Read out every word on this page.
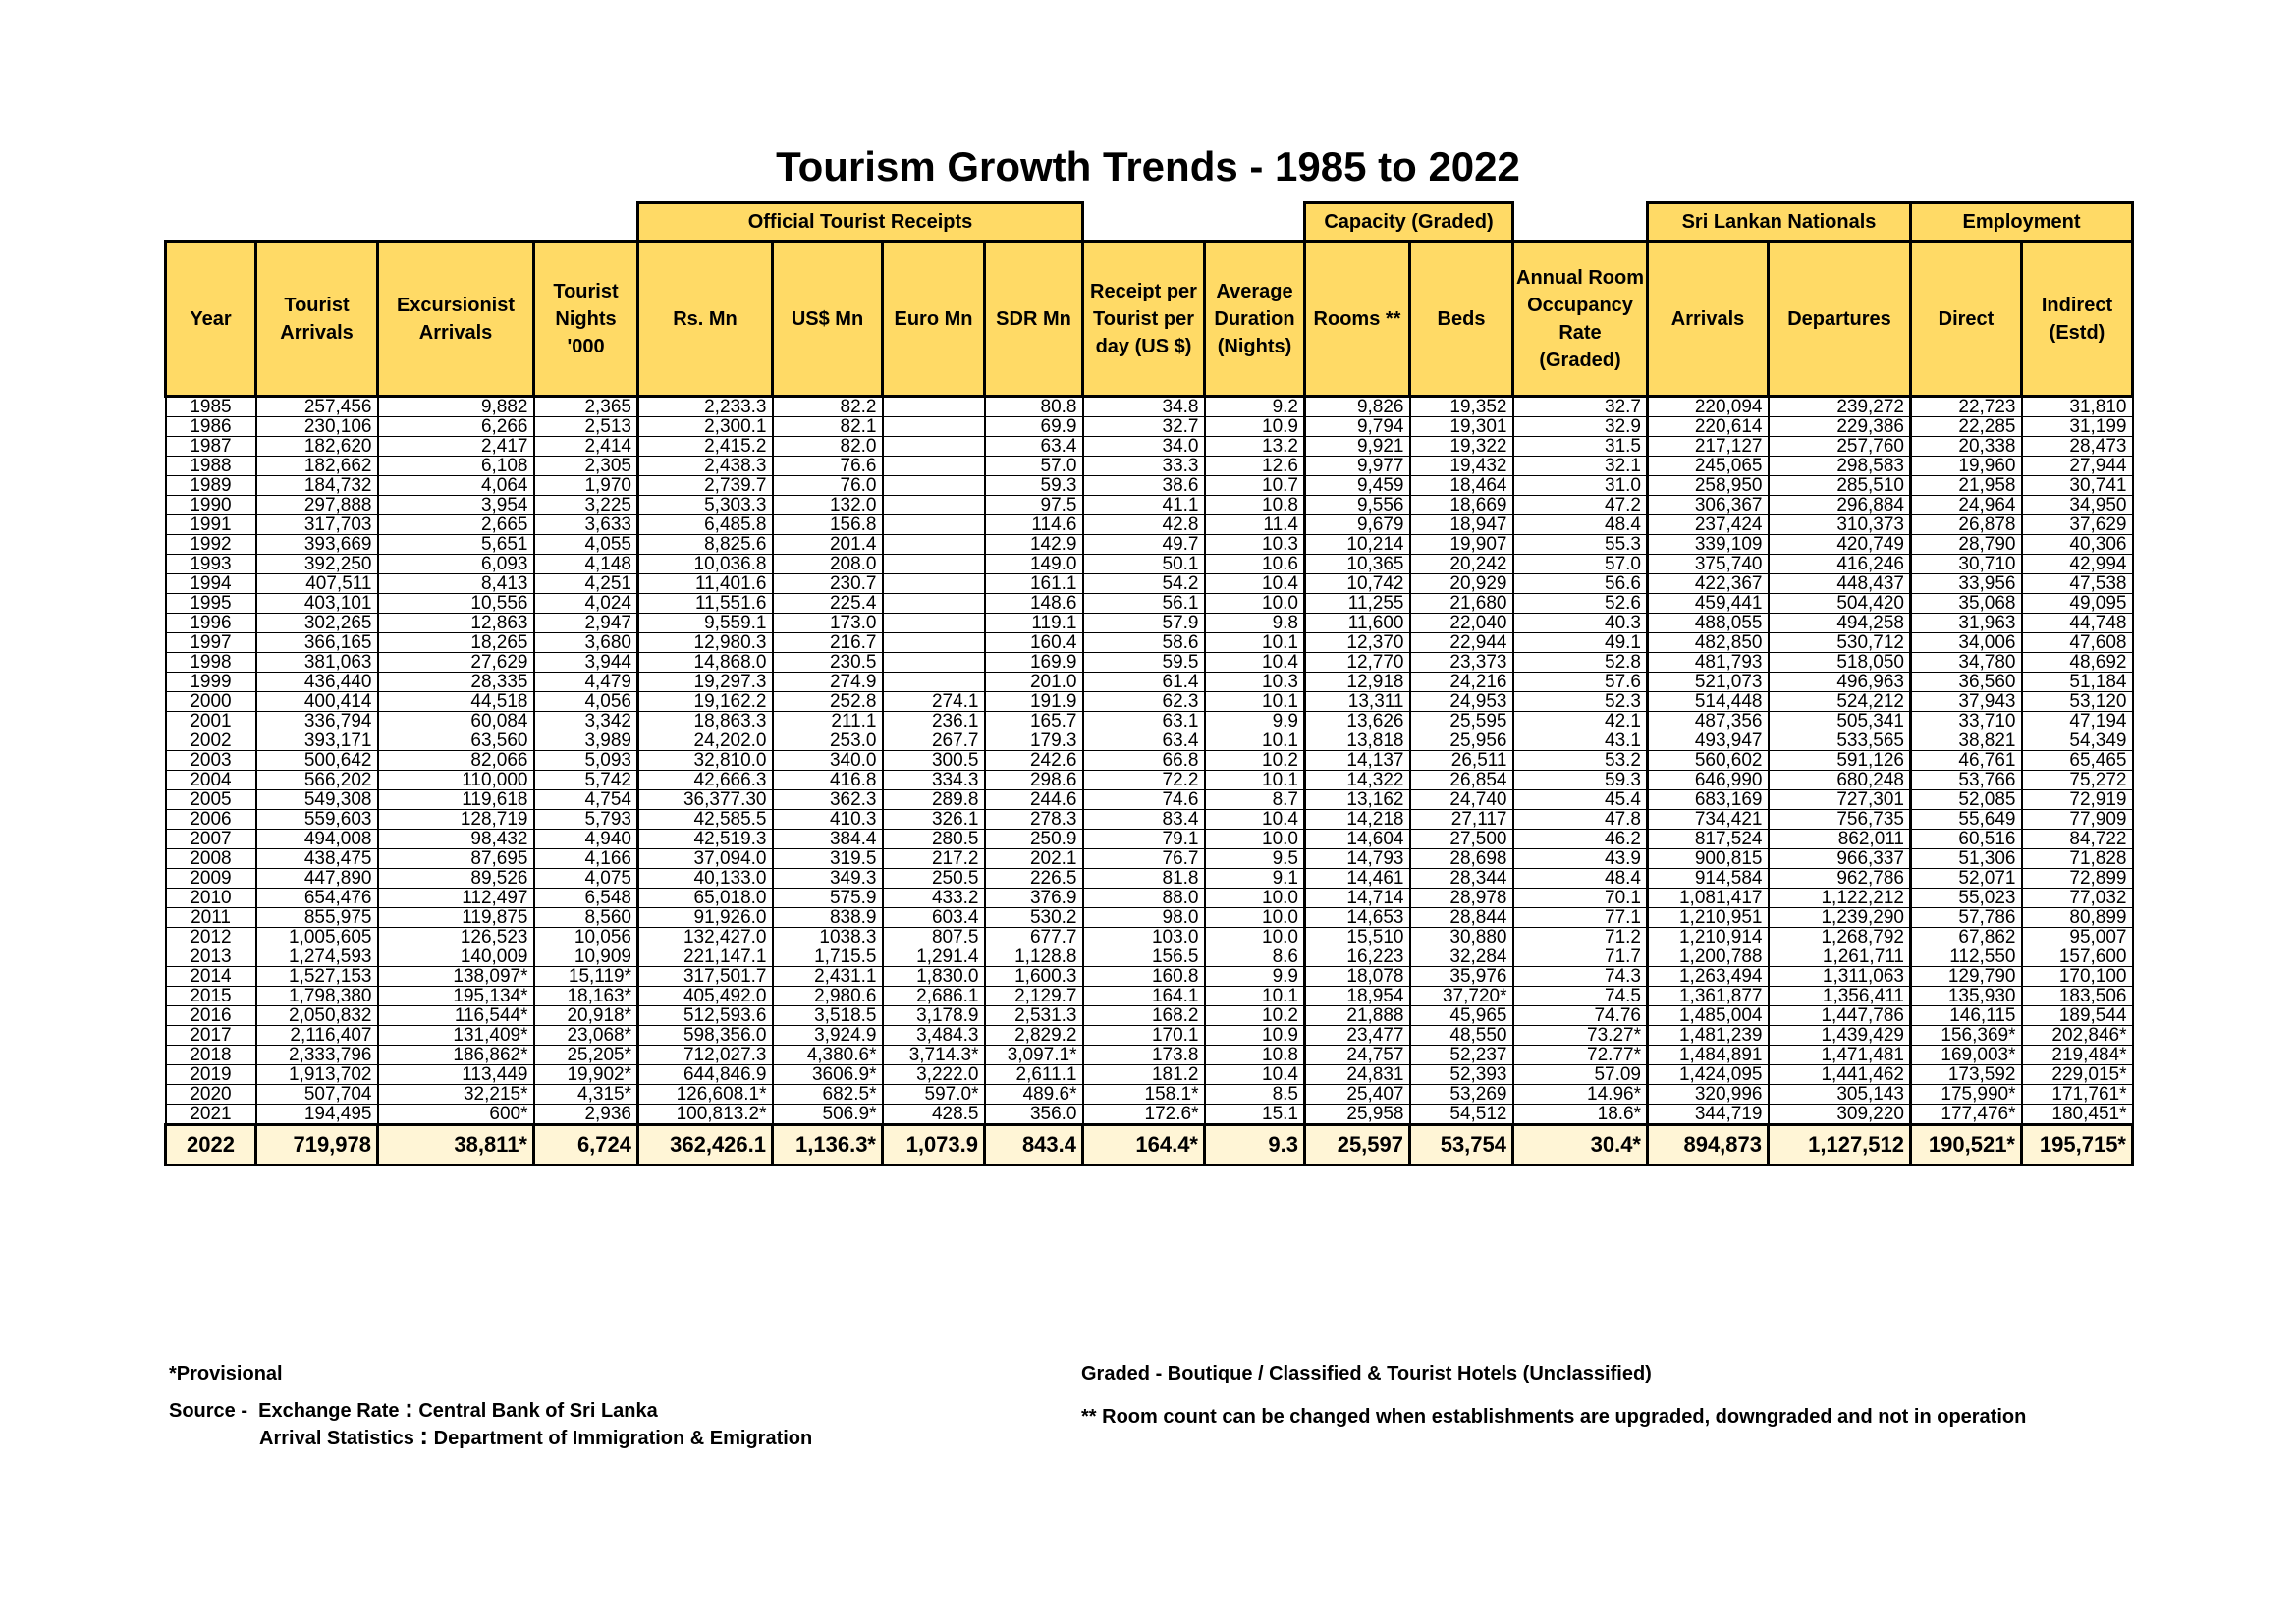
Tourism Growth Trends - 1985 to 2022
				Official Tourist Receipts						Capacity (Graded)			Sri Lankan Nationals		Employment	
Year	Tourist Arrivals	Excursionist Arrivals	Tourist Nights '000	Rs. Mn	US$ Mn	Euro Mn	SDR Mn	Receipt per Tourist per day (US $)	Average Duration (Nights)	Rooms **	Beds	Annual Room Occupancy Rate (Graded)	Arrivals	Departures	Direct	Indirect (Estd)
1985	257,456	9,882	2,365	2,233.3	82.2		80.8	34.8	9.2	9,826	19,352	32.7	220,094	239,272	22,723	31,810
1986	230,106	6,266	2,513	2,300.1	82.1		69.9	32.7	10.9	9,794	19,301	32.9	220,614	229,386	22,285	31,199
1987	182,620	2,417	2,414	2,415.2	82.0		63.4	34.0	13.2	9,921	19,322	31.5	217,127	257,760	20,338	28,473
1988	182,662	6,108	2,305	2,438.3	76.6		57.0	33.3	12.6	9,977	19,432	32.1	245,065	298,583	19,960	27,944
1989	184,732	4,064	1,970	2,739.7	76.0		59.3	38.6	10.7	9,459	18,464	31.0	258,950	285,510	21,958	30,741
1990	297,888	3,954	3,225	5,303.3	132.0		97.5	41.1	10.8	9,556	18,669	47.2	306,367	296,884	24,964	34,950
1991	317,703	2,665	3,633	6,485.8	156.8		114.6	42.8	11.4	9,679	18,947	48.4	237,424	310,373	26,878	37,629
1992	393,669	5,651	4,055	8,825.6	201.4		142.9	49.7	10.3	10,214	19,907	55.3	339,109	420,749	28,790	40,306
1993	392,250	6,093	4,148	10,036.8	208.0		149.0	50.1	10.6	10,365	20,242	57.0	375,740	416,246	30,710	42,994
1994	407,511	8,413	4,251	11,401.6	230.7		161.1	54.2	10.4	10,742	20,929	56.6	422,367	448,437	33,956	47,538
1995	403,101	10,556	4,024	11,551.6	225.4		148.6	56.1	10.0	11,255	21,680	52.6	459,441	504,420	35,068	49,095
1996	302,265	12,863	2,947	9,559.1	173.0		119.1	57.9	9.8	11,600	22,040	40.3	488,055	494,258	31,963	44,748
1997	366,165	18,265	3,680	12,980.3	216.7		160.4	58.6	10.1	12,370	22,944	49.1	482,850	530,712	34,006	47,608
1998	381,063	27,629	3,944	14,868.0	230.5		169.9	59.5	10.4	12,770	23,373	52.8	481,793	518,050	34,780	48,692
1999	436,440	28,335	4,479	19,297.3	274.9		201.0	61.4	10.3	12,918	24,216	57.6	521,073	496,963	36,560	51,184
2000	400,414	44,518	4,056	19,162.2	252.8	274.1	191.9	62.3	10.1	13,311	24,953	52.3	514,448	524,212	37,943	53,120
2001	336,794	60,084	3,342	18,863.3	211.1	236.1	165.7	63.1	9.9	13,626	25,595	42.1	487,356	505,341	33,710	47,194
2002	393,171	63,560	3,989	24,202.0	253.0	267.7	179.3	63.4	10.1	13,818	25,956	43.1	493,947	533,565	38,821	54,349
2003	500,642	82,066	5,093	32,810.0	340.0	300.5	242.6	66.8	10.2	14,137	26,511	53.2	560,602	591,126	46,761	65,465
2004	566,202	110,000	5,742	42,666.3	416.8	334.3	298.6	72.2	10.1	14,322	26,854	59.3	646,990	680,248	53,766	75,272
2005	549,308	119,618	4,754	36,377.30	362.3	289.8	244.6	74.6	8.7	13,162	24,740	45.4	683,169	727,301	52,085	72,919
2006	559,603	128,719	5,793	42,585.5	410.3	326.1	278.3	83.4	10.4	14,218	27,117	47.8	734,421	756,735	55,649	77,909
2007	494,008	98,432	4,940	42,519.3	384.4	280.5	250.9	79.1	10.0	14,604	27,500	46.2	817,524	862,011	60,516	84,722
2008	438,475	87,695	4,166	37,094.0	319.5	217.2	202.1	76.7	9.5	14,793	28,698	43.9	900,815	966,337	51,306	71,828
2009	447,890	89,526	4,075	40,133.0	349.3	250.5	226.5	81.8	9.1	14,461	28,344	48.4	914,584	962,786	52,071	72,899
2010	654,476	112,497	6,548	65,018.0	575.9	433.2	376.9	88.0	10.0	14,714	28,978	70.1	1,081,417	1,122,212	55,023	77,032
2011	855,975	119,875	8,560	91,926.0	838.9	603.4	530.2	98.0	10.0	14,653	28,844	77.1	1,210,951	1,239,290	57,786	80,899
2012	1,005,605	126,523	10,056	132,427.0	1038.3	807.5	677.7	103.0	10.0	15,510	30,880	71.2	1,210,914	1,268,792	67,862	95,007
2013	1,274,593	140,009	10,909	221,147.1	1,715.5	1,291.4	1,128.8	156.5	8.6	16,223	32,284	71.7	1,200,788	1,261,711	112,550	157,600
2014	1,527,153	138,097*	15,119*	317,501.7	2,431.1	1,830.0	1,600.3	160.8	9.9	18,078	35,976	74.3	1,263,494	1,311,063	129,790	170,100
2015	1,798,380	195,134*	18,163*	405,492.0	2,980.6	2,686.1	2,129.7	164.1	10.1	18,954	37,720*	74.5	1,361,877	1,356,411	135,930	183,506
2016	2,050,832	116,544*	20,918*	512,593.6	3,518.5	3,178.9	2,531.3	168.2	10.2	21,888	45,965	74.76	1,485,004	1,447,786	146,115	189,544
2017	2,116,407	131,409*	23,068*	598,356.0	3,924.9	3,484.3	2,829.2	170.1	10.9	23,477	48,550	73.27*	1,481,239	1,439,429	156,369*	202,846*
2018	2,333,796	186,862*	25,205*	712,027.3	4,380.6*	3,714.3*	3,097.1*	173.8	10.8	24,757	52,237	72.77*	1,484,891	1,471,481	169,003*	219,484*
2019	1,913,702	113,449	19,902*	644,846.9	3606.9*	3,222.0	2,611.1	181.2	10.4	24,831	52,393	57.09	1,424,095	1,441,462	173,592	229,015*
2020	507,704	32,215*	4,315*	126,608.1*	682.5*	597.0*	489.6*	158.1*	8.5	25,407	53,269	14.96*	320,996	305,143	175,990*	171,761*
2021	194,495	600*	2,936	100,813.2*	506.9*	428.5	356.0	172.6*	15.1	25,958	54,512	18.6*	344,719	309,220	177,476*	180,451*
2022	719,978	38,811*	6,724	362,426.1	1,136.3*	1,073.9	843.4	164.4*	9.3	25,597	53,754	30.4*	894,873	1,127,512	190,521*	195,715*
*Provisional
Source - Exchange Rate : Central Bank of Sri Lanka
Arrival Statistics : Department of Immigration & Emigration
Graded - Boutique / Classified & Tourist Hotels (Unclassified)
** Room count can be changed when establishments are upgraded, downgraded and not in operation
